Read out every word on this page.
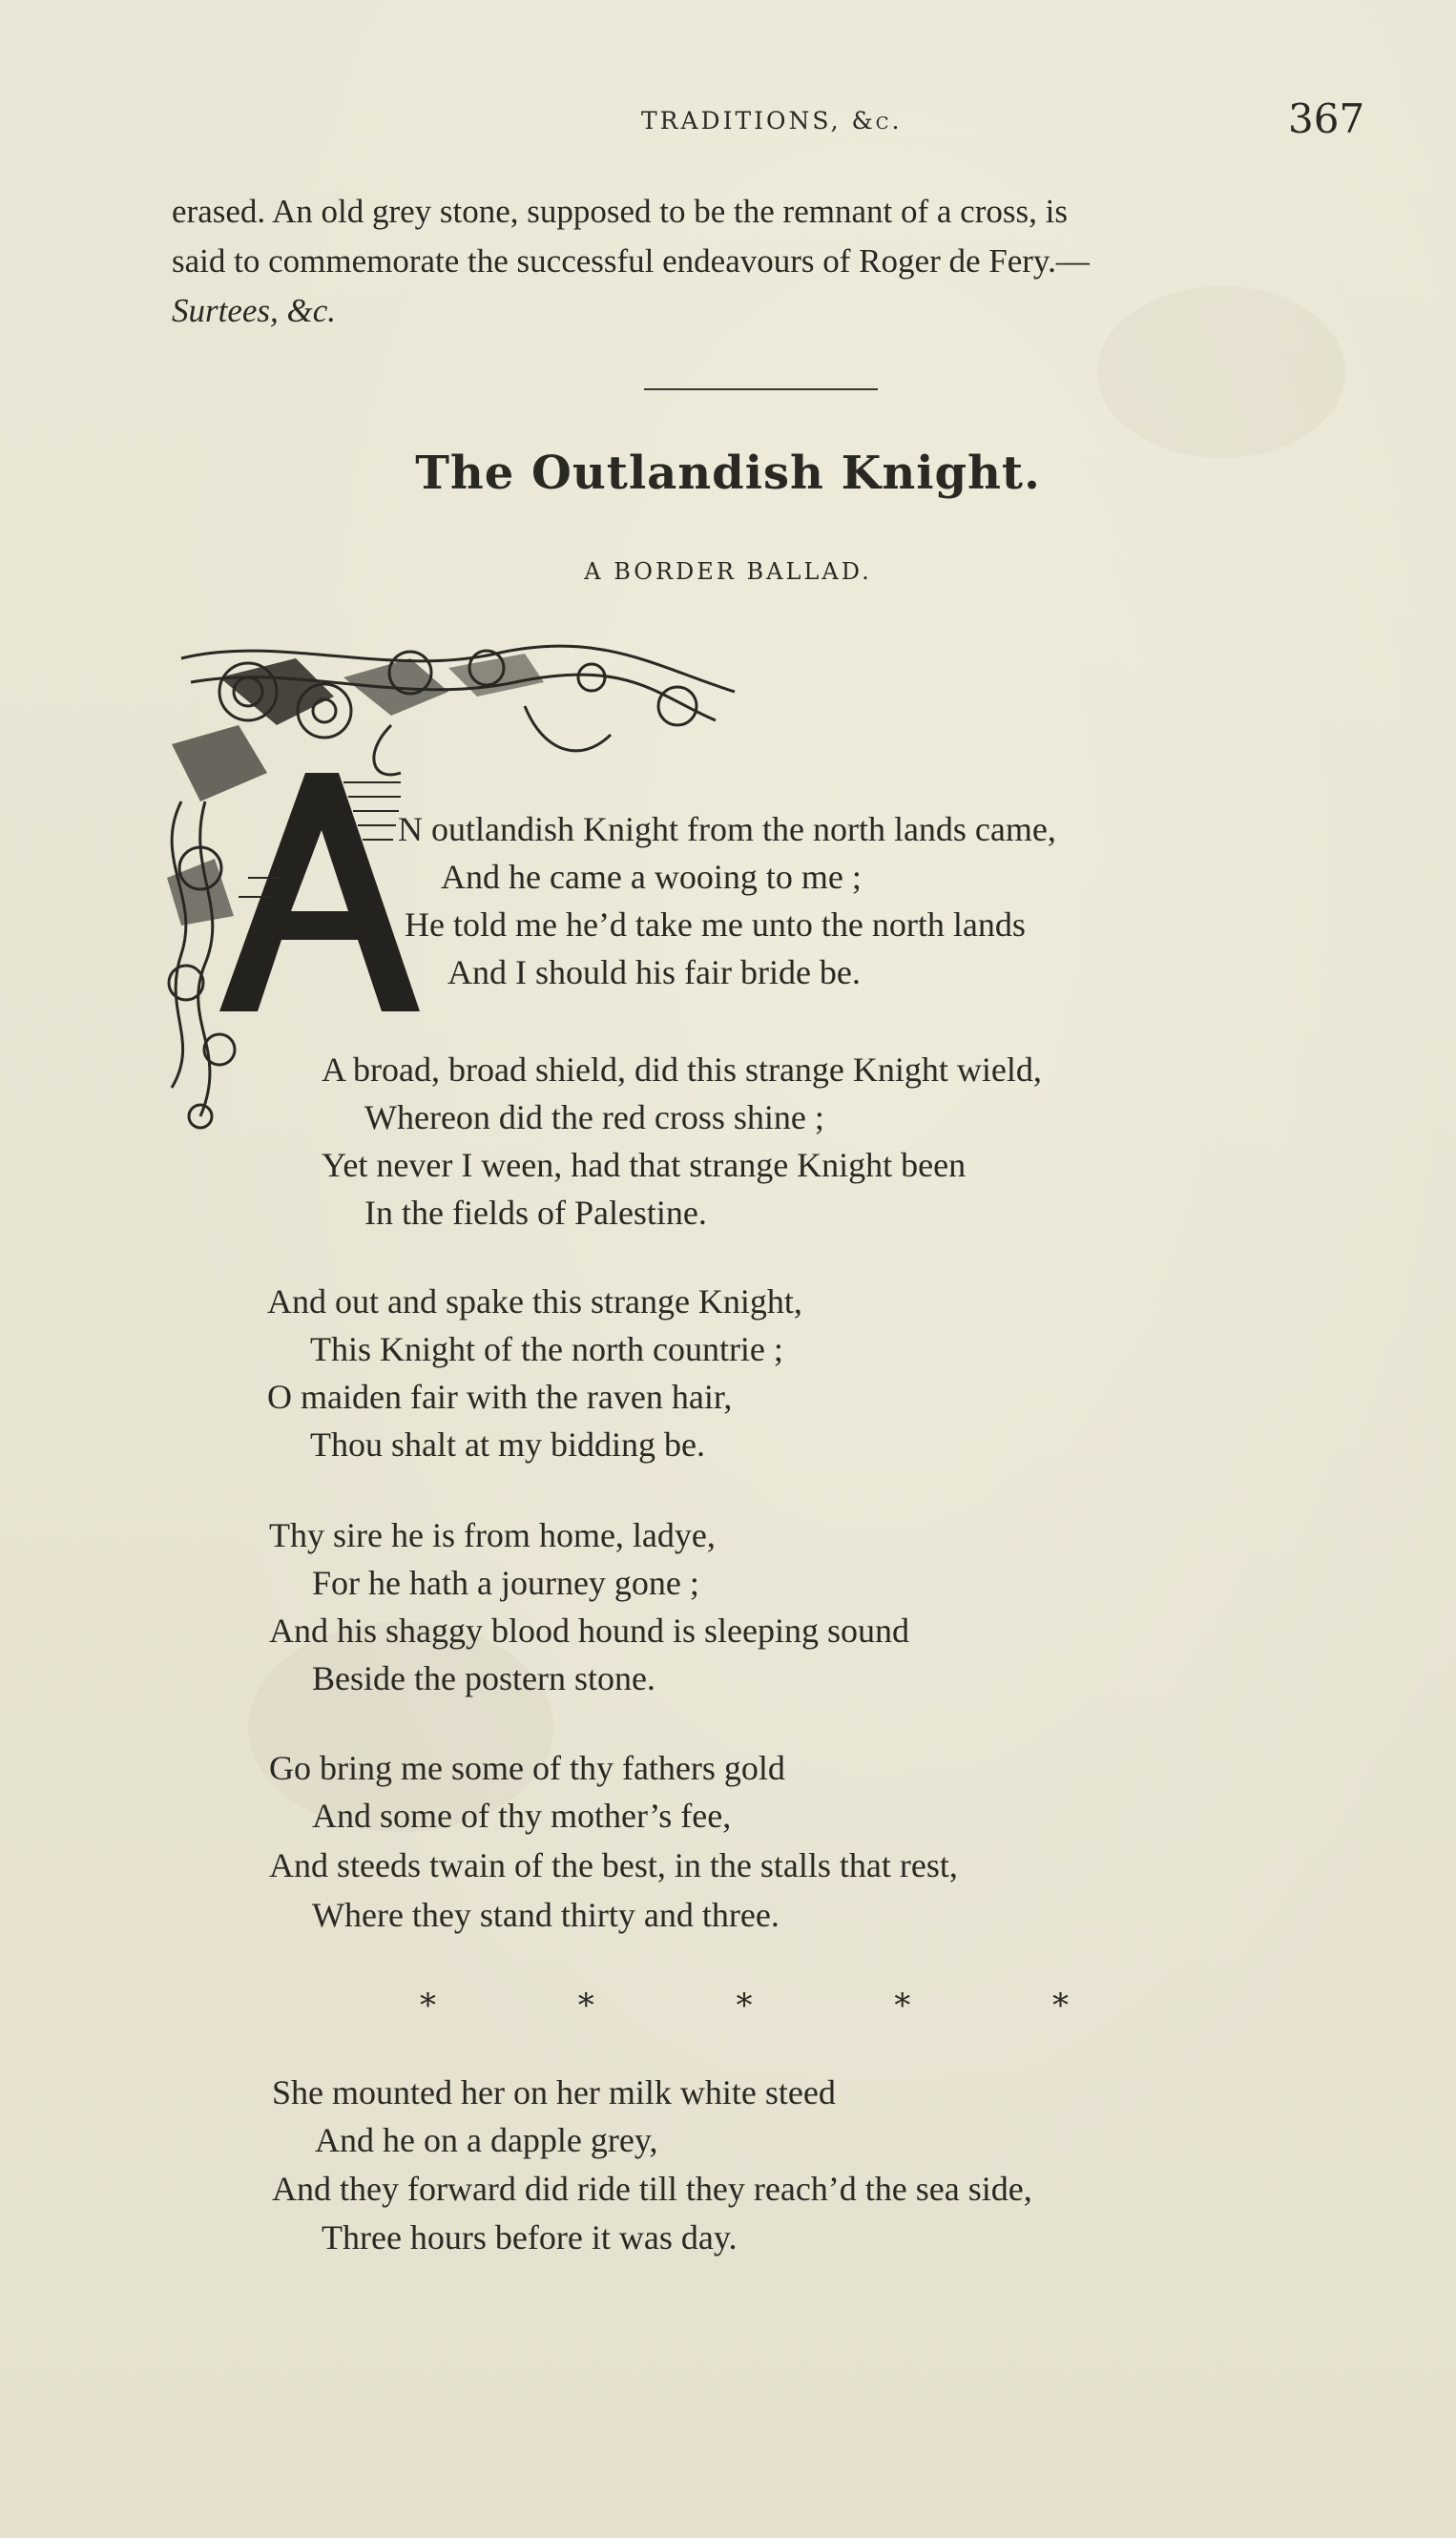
TRADITIONS, &c.	367
erased. An old grey stone, supposed to be the remnant of a cross, is
said to commemorate the successful endeavours of Roger de Fery.—
Surtees, &c.
The Outlandish Knight.
A BORDER BALLAD.
N outlandish Knight from the north lands came,
And he came a wooing to me ;
He told me he’d take me unto the north lands
And I should his fair bride be.
A broad, broad shield, did this strange Knight wield,
Whereon did the red cross shine ;
Yet never I ween, had that strange Knight been
In the fields of Palestine.
And out and spake this strange Knight,
This Knight of the north countrie ;
O maiden fair with the raven hair,
Thou shalt at my bidding be.
Thy sire he is from home, ladye,
For he hath a journey gone ;
And his shaggy blood hound is sleeping sound
Beside the postern stone.
Go bring me some of thy fathers gold
And some of thy mother’s fee,
And steeds twain of the best, in the stalls that rest,
Where they stand thirty and three.
She mounted her on her milk white steed
And he on a dapple grey,
And they forward did ride till they reach’d the sea side,
Three hours before it was day.
*	*	*	*	*
